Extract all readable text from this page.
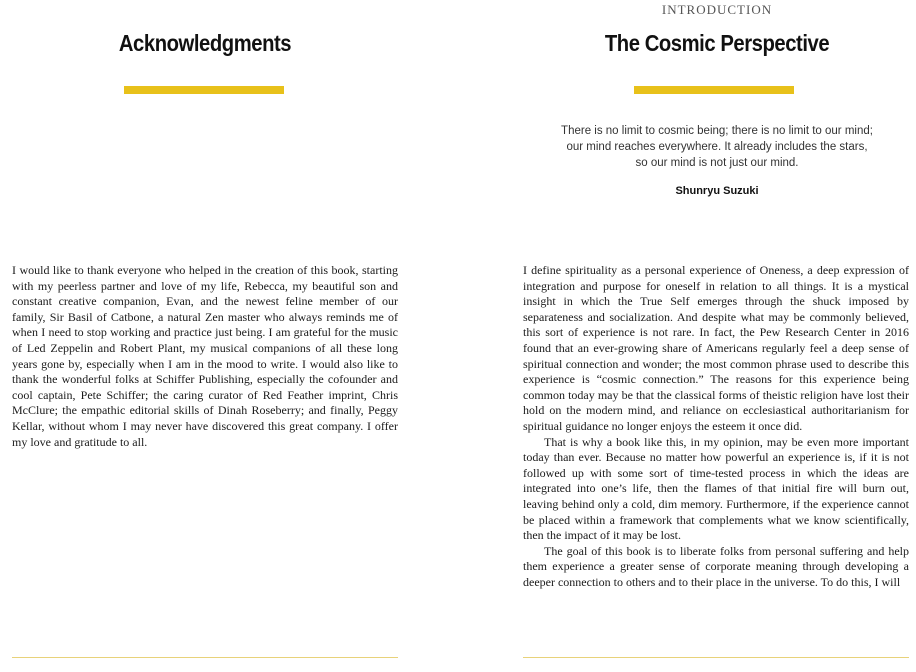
Acknowledgments

I would like to thank everyone who helped in the creation of this book, starting with my peerless partner and love of my life, Rebecca, my beautiful son and constant creative companion, Evan, and the newest feline member of our family, Sir Basil of Catbone, a natural Zen master who always reminds me of when I need to stop working and practice just being. I am grateful for the music of Led Zeppelin and Robert Plant, my musical companions of all these long years gone by, especially when I am in the mood to write. I would also like to thank the wonderful folks at Schiffer Publishing, especially the cofounder and cool captain, Pete Schiffer; the caring curator of Red Feather imprint, Chris McClure; the empathic editorial skills of Dinah Roseberry; and finally, Peggy Kellar, without whom I may never have discovered this great company. I offer my love and gratitude to all.

INTRODUCTION
The Cosmic Perspective
There is no limit to cosmic being; there is no limit to our mind;
our mind reaches everywhere. It already includes the stars,
so our mind is not just our mind.
Shunryu Suzuki

I define spirituality as a personal experience of Oneness, a deep expression of integration and purpose for oneself in relation to all things. It is a mystical insight in which the True Self emerges through the shuck imposed by separateness and socialization. And despite what may be commonly believed, this sort of experience is not rare. In fact, the Pew Research Center in 2016 found that an ever-growing share of Americans regularly feel a deep sense of spiritual connection and wonder; the most common phrase used to describe this experience is “cosmic connection.” The reasons for this experience being common today may be that the classical forms of theistic religion have lost their hold on the modern mind, and reliance on ecclesiastical authoritarianism for spiritual guidance no longer enjoys the esteem it once did.

That is why a book like this, in my opinion, may be even more important today than ever. Because no matter how powerful an experience is, if it is not followed up with some sort of time-tested process in which the ideas are integrated into one’s life, then the flames of that initial fire will burn out, leaving behind only a cold, dim memory. Furthermore, if the experience cannot be placed within a framework that complements what we know scientifically, then the impact of it may be lost.

The goal of this book is to liberate folks from personal suffering and help them experience a greater sense of corporate meaning through developing a deeper connection to others and to their place in the universe. To do this, I will
